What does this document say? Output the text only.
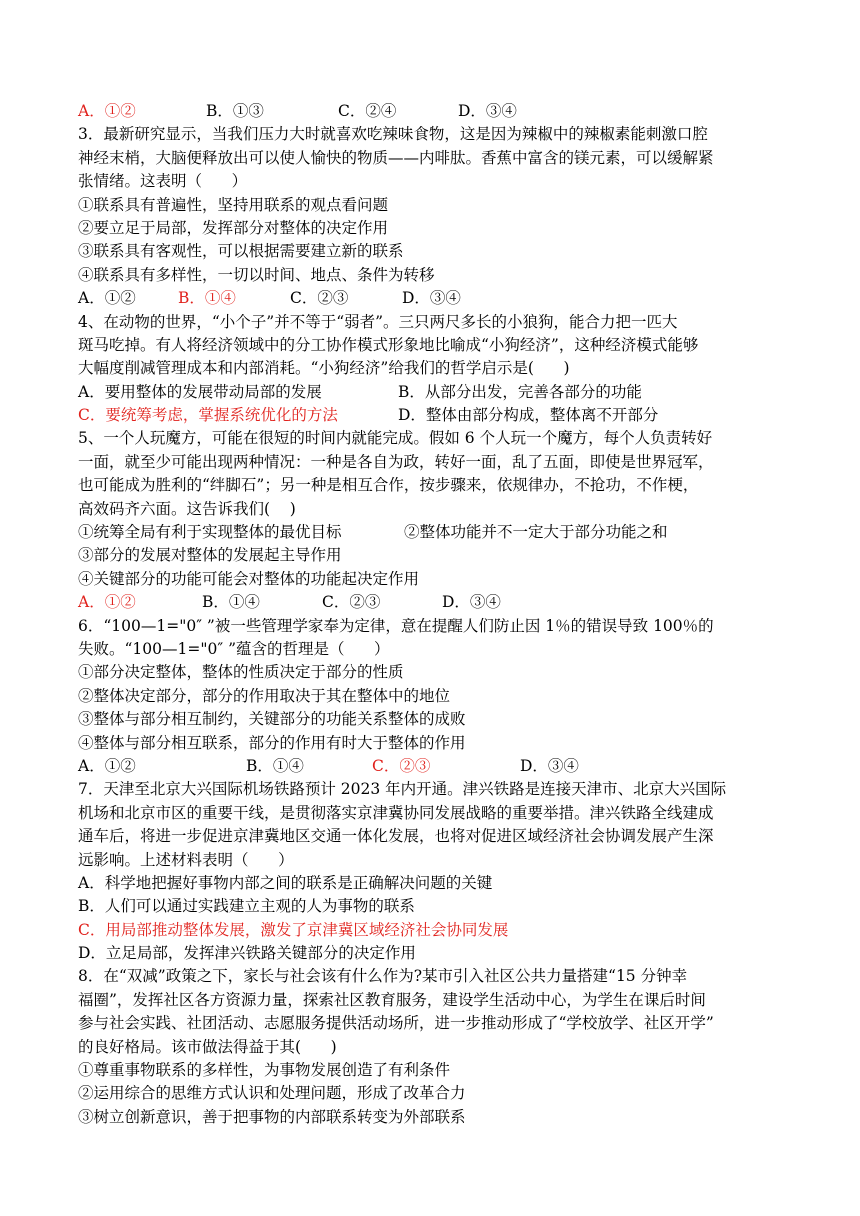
A．①②	B．①③	C．②④	D．③④
3．最新研究显示，当我们压力大时就喜欢吃辣味食物，这是因为辣椒中的辣椒素能刺激口腔
神经末梢，大脑便释放出可以使人愉快的物质——内啡肽。香蕉中富含的镁元素，可以缓解紧
张情绪。这表明（      ）
①联系具有普遍性，坚持用联系的观点看问题
②要立足于局部，发挥部分对整体的决定作用
③联系具有客观性，可以根据需要建立新的联系
④联系具有多样性，一切以时间、地点、条件为转移
A．①②	B．①④	C．②③	D．③④
4、在动物的世界，“小个子”并不等于“弱者”。三只两尺多长的小狼狗，能合力把一匹大
斑马吃掉。有人将经济领域中的分工协作模式形象地比喻成“小狗经济”，这种经济模式能够
大幅度削减管理成本和内部消耗。“小狗经济”给我们的哲学启示是(      )
A．要用整体的发展带动局部的发展	B．从部分出发，完善各部分的功能
C．要统筹考虑，掌握系统优化的方法	D．整体由部分构成，整体离不开部分
5、一个人玩魔方，可能在很短的时间内就能完成。假如 6 个人玩一个魔方，每个人负责转好
一面，就至少可能出现两种情况：一种是各自为政，转好一面，乱了五面，即使是世界冠军，
也可能成为胜利的“绊脚石”；另一种是相互合作，按步骤来，依规律办，不抢功，不作梗，
高效码齐六面。这告诉我们(    )
①统筹全局有利于实现整体的最优目标	②整体功能并不一定大于部分功能之和
③部分的发展对整体的发展起主导作用
④关键部分的功能可能会对整体的功能起决定作用
A．①②	B．①④	C．②③	D．③④
6．“100—1="0″ ”被一些管理学家奉为定律，意在提醒人们防止因 1％的错误导致 100％的
失败。“100—1="0″ ”蕴含的哲理是（      ）
①部分决定整体，整体的性质决定于部分的性质
②整体决定部分，部分的作用取决于其在整体中的地位
③整体与部分相互制约，关键部分的功能关系整体的成败
④整体与部分相互联系，部分的作用有时大于整体的作用
A．①②	B．①④	C．②③	D．③④
7．天津至北京大兴国际机场铁路预计 2023 年内开通。津兴铁路是连接天津市、北京大兴国际
机场和北京市区的重要干线，是贯彻落实京津冀协同发展战略的重要举措。津兴铁路全线建成
通车后，将进一步促进京津冀地区交通一体化发展，也将对促进区域经济社会协调发展产生深
远影响。上述材料表明（      ）
A．科学地把握好事物内部之间的联系是正确解决问题的关键
B．人们可以通过实践建立主观的人为事物的联系
C．用局部推动整体发展，激发了京津冀区域经济社会协同发展
D．立足局部，发挥津兴铁路关键部分的决定作用
8．在“双减”政策之下，家长与社会该有什么作为?某市引入社区公共力量搭建“15 分钟幸
福圈”，发挥社区各方资源力量，探索社区教育服务，建设学生活动中心，为学生在课后时间
参与社会实践、社团活动、志愿服务提供活动场所，进一步推动形成了“学校放学、社区开学”
的良好格局。该市做法得益于其(      )
①尊重事物联系的多样性，为事物发展创造了有利条件
②运用综合的思维方式认识和处理问题，形成了改革合力
③树立创新意识，善于把事物的内部联系转变为外部联系
